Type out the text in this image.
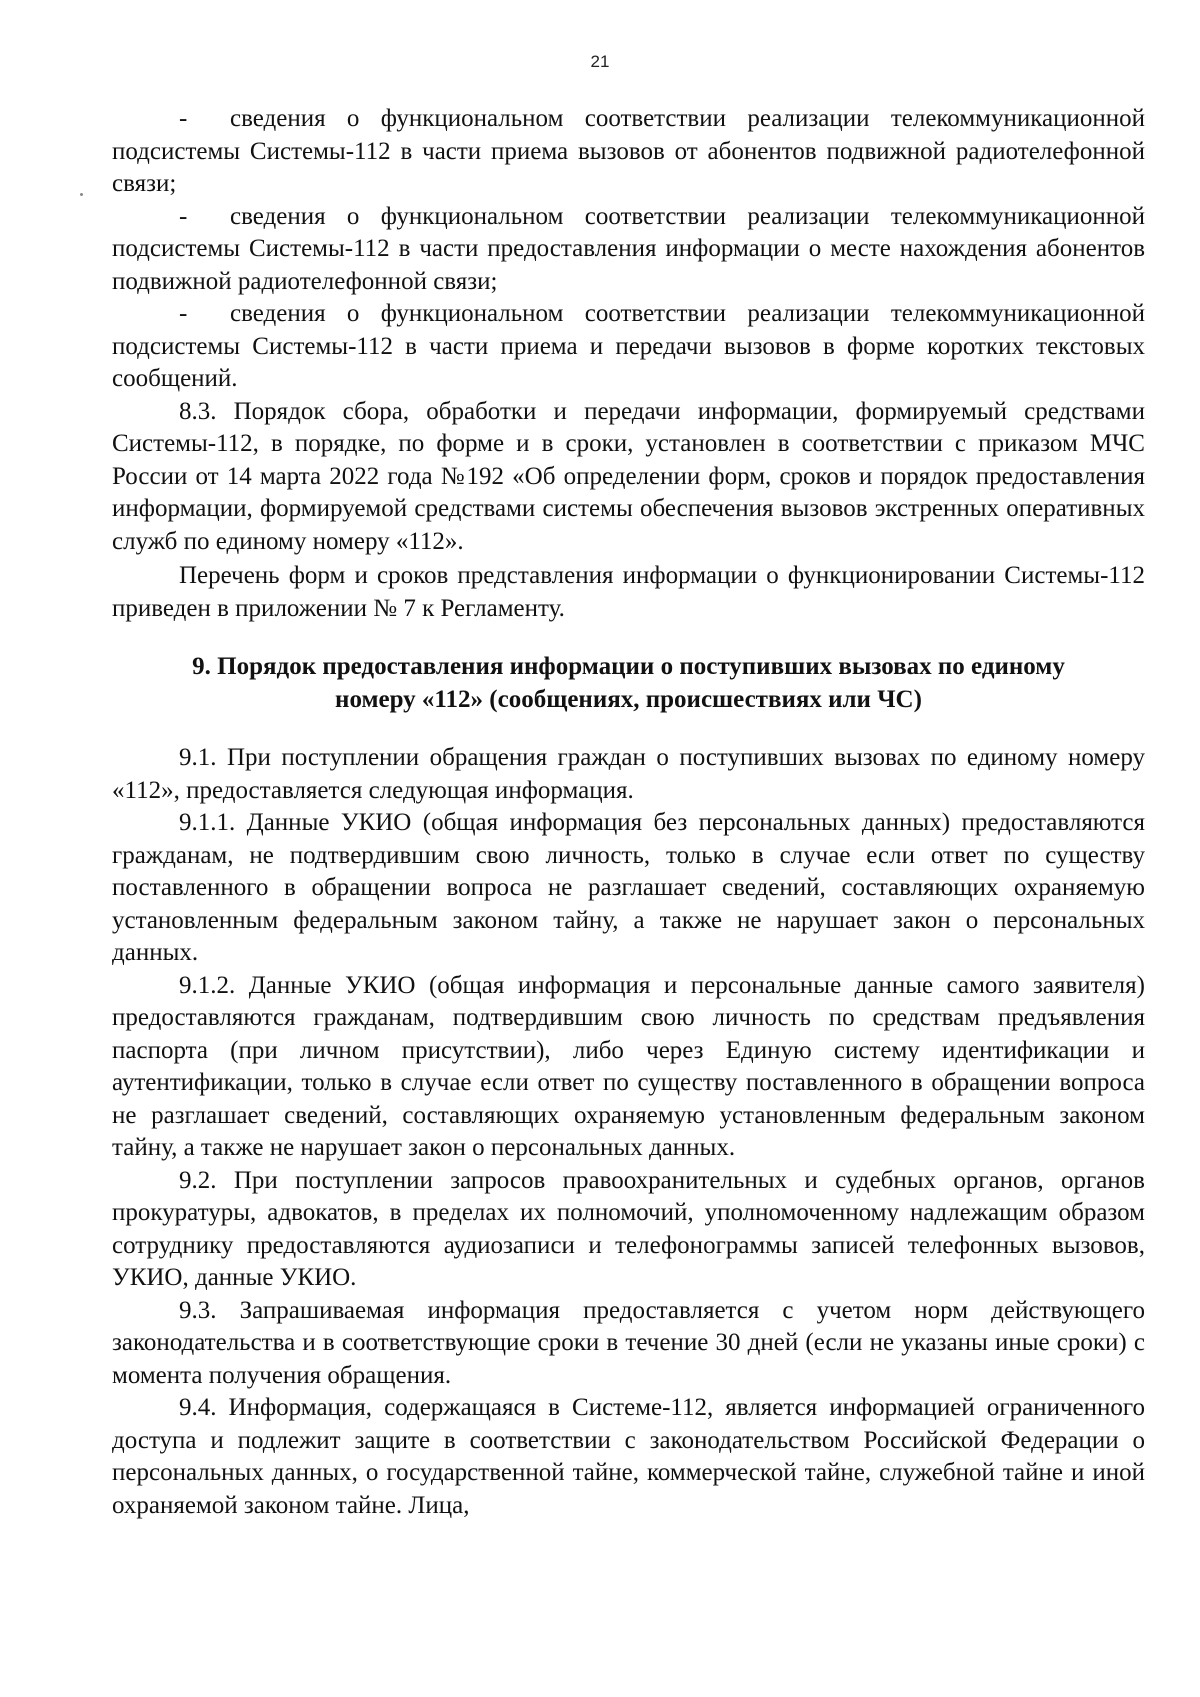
21

-  сведения о функциональном соответствии реализации телекоммуникационной подсистемы Системы-112 в части приема вызовов от абонентов подвижной радиотелефонной связи;

-  сведения о функциональном соответствии реализации телекоммуникационной подсистемы Системы-112 в части предоставления информации о месте нахождения абонентов подвижной радиотелефонной связи;

-  сведения о функциональном соответствии реализации телекоммуникационной подсистемы Системы-112 в части приема и передачи вызовов в форме коротких текстовых сообщений.

8.3. Порядок сбора, обработки и передачи информации, формируемый средствами Системы-112, в порядке, по форме и в сроки, установлен в соответствии с приказом МЧС России от 14 марта 2022 года №192 «Об определении форм, сроков и порядок предоставления информации, формируемой средствами системы обеспечения вызовов экстренных оперативных служб по единому номеру «112».

Перечень форм и сроков представления информации о функционировании Системы-112 приведен в приложении № 7 к Регламенту.

9. Порядок предоставления информации о поступивших вызовах по единому
номеру «112» (сообщениях, происшествиях или ЧС)

9.1. При поступлении обращения граждан о поступивших вызовах по единому номеру «112», предоставляется следующая информация.

9.1.1. Данные УКИО (общая информация без персональных данных) предоставляются гражданам, не подтвердившим свою личность, только в случае если ответ по существу поставленного в обращении вопроса не разглашает сведений, составляющих охраняемую установленным федеральным законом тайну, а также не нарушает закон о персональных данных.

9.1.2. Данные УКИО (общая информация и персональные данные самого заявителя) предоставляются гражданам, подтвердившим свою личность по средствам предъявления паспорта (при личном присутствии), либо через Единую систему идентификации и аутентификации, только в случае если ответ по существу поставленного в обращении вопроса не разглашает сведений, составляющих охраняемую установленным федеральным законом тайну, а также не нарушает закон о персональных данных.

9.2. При поступлении запросов правоохранительных и судебных органов, органов прокуратуры, адвокатов, в пределах их полномочий, уполномоченному надлежащим образом сотруднику предоставляются аудиозаписи и телефонограммы записей телефонных вызовов, УКИО, данные УКИО.

9.3. Запрашиваемая информация предоставляется с учетом норм действующего законодательства и в соответствующие сроки в течение 30 дней (если не указаны иные сроки) с момента получения обращения.

9.4. Информация, содержащаяся в Системе-112, является информацией ограниченного доступа и подлежит защите в соответствии с законодательством Российской Федерации о персональных данных, о государственной тайне, коммерческой тайне, служебной тайне и иной охраняемой законом тайне. Лица,
